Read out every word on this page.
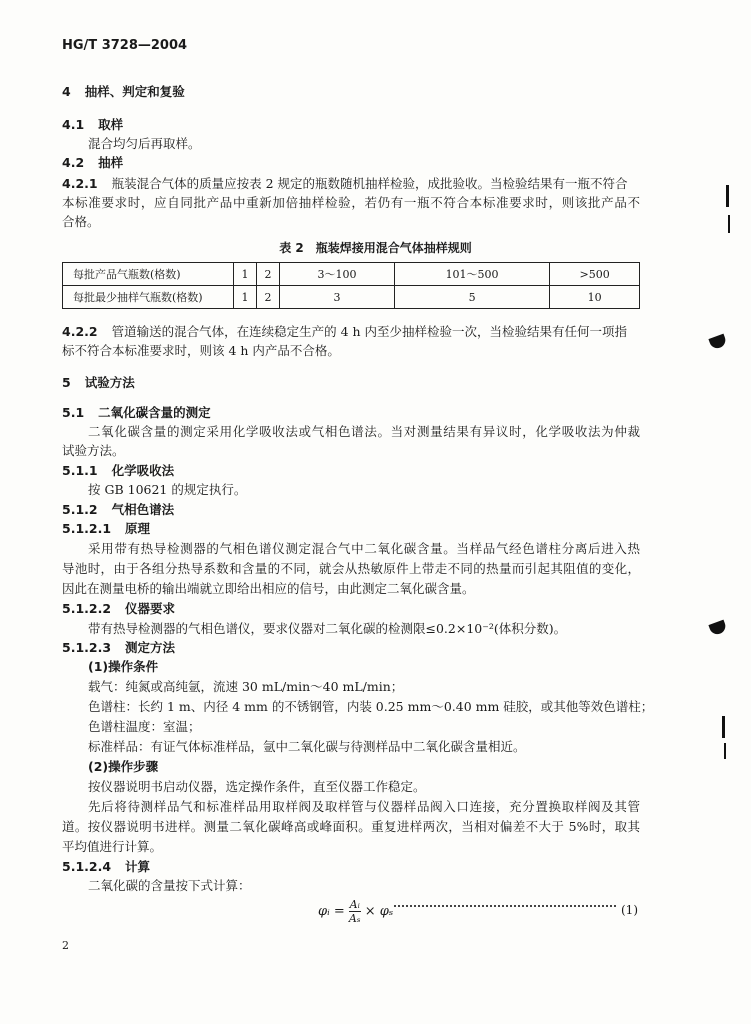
HG/T 3728—2004
4 抽样、判定和复验
4.1 取样
混合均匀后再取样。
4.2 抽样
4.2.1 瓶装混合气体的质量应按表 2 规定的瓶数随机抽样检验，成批验收。当检验结果有一瓶不符合
本标准要求时，应自同批产品中重新加倍抽样检验，若仍有一瓶不符合本标准要求时，则该批产品不
合格。
表 2　瓶装焊接用混合气体抽样规则
每批产品气瓶数(格数)	1	2	3～100	101～500	>500
每批最少抽样气瓶数(格数)	1	2	3	5	10
4.2.2 管道输送的混合气体，在连续稳定生产的 4 h 内至少抽样检验一次，当检验结果有任何一项指
标不符合本标准要求时，则该 4 h 内产品不合格。
5 试验方法
5.1 二氧化碳含量的测定
二氧化碳含量的测定采用化学吸收法或气相色谱法。当对测量结果有异议时，化学吸收法为仲裁
试验方法。
5.1.1 化学吸收法
按 GB 10621 的规定执行。
5.1.2 气相色谱法
5.1.2.1 原理
采用带有热导检测器的气相色谱仪测定混合气中二氧化碳含量。当样品气经色谱柱分离后进入热
导池时，由于各组分热导系数和含量的不同，就会从热敏原件上带走不同的热量而引起其阻值的变化，
因此在测量电桥的输出端就立即给出相应的信号，由此测定二氧化碳含量。
5.1.2.2 仪器要求
带有热导检测器的气相色谱仪，要求仪器对二氧化碳的检测限≤0.2×10⁻²(体积分数)。
5.1.2.3 测定方法
(1)操作条件
载气：纯氮或高纯氩，流速 30 mL/min～40 mL/min；
色谱柱：长约 1 m、内径 4 mm 的不锈钢管，内装 0.25 mm～0.40 mm 硅胶，或其他等效色谱柱；
色谱柱温度：室温；
标准样品：有证气体标准样品，氩中二氧化碳与待测样品中二氧化碳含量相近。
(2)操作步骤
按仪器说明书启动仪器，选定操作条件，直至仪器工作稳定。
先后将待测样品气和标准样品用取样阀及取样管与仪器样品阀入口连接，充分置换取样阀及其管
道。按仪器说明书进样。测量二氧化碳峰高或峰面积。重复进样两次，当相对偏差不大于 5%时，取其
平均值进行计算。
5.1.2.4 计算
二氧化碳的含量按下式计算：
φᵢ = $\frac{\text{Aᵢ}}{\text{Aₛ}} \times \varphi_s$	(1)
2
